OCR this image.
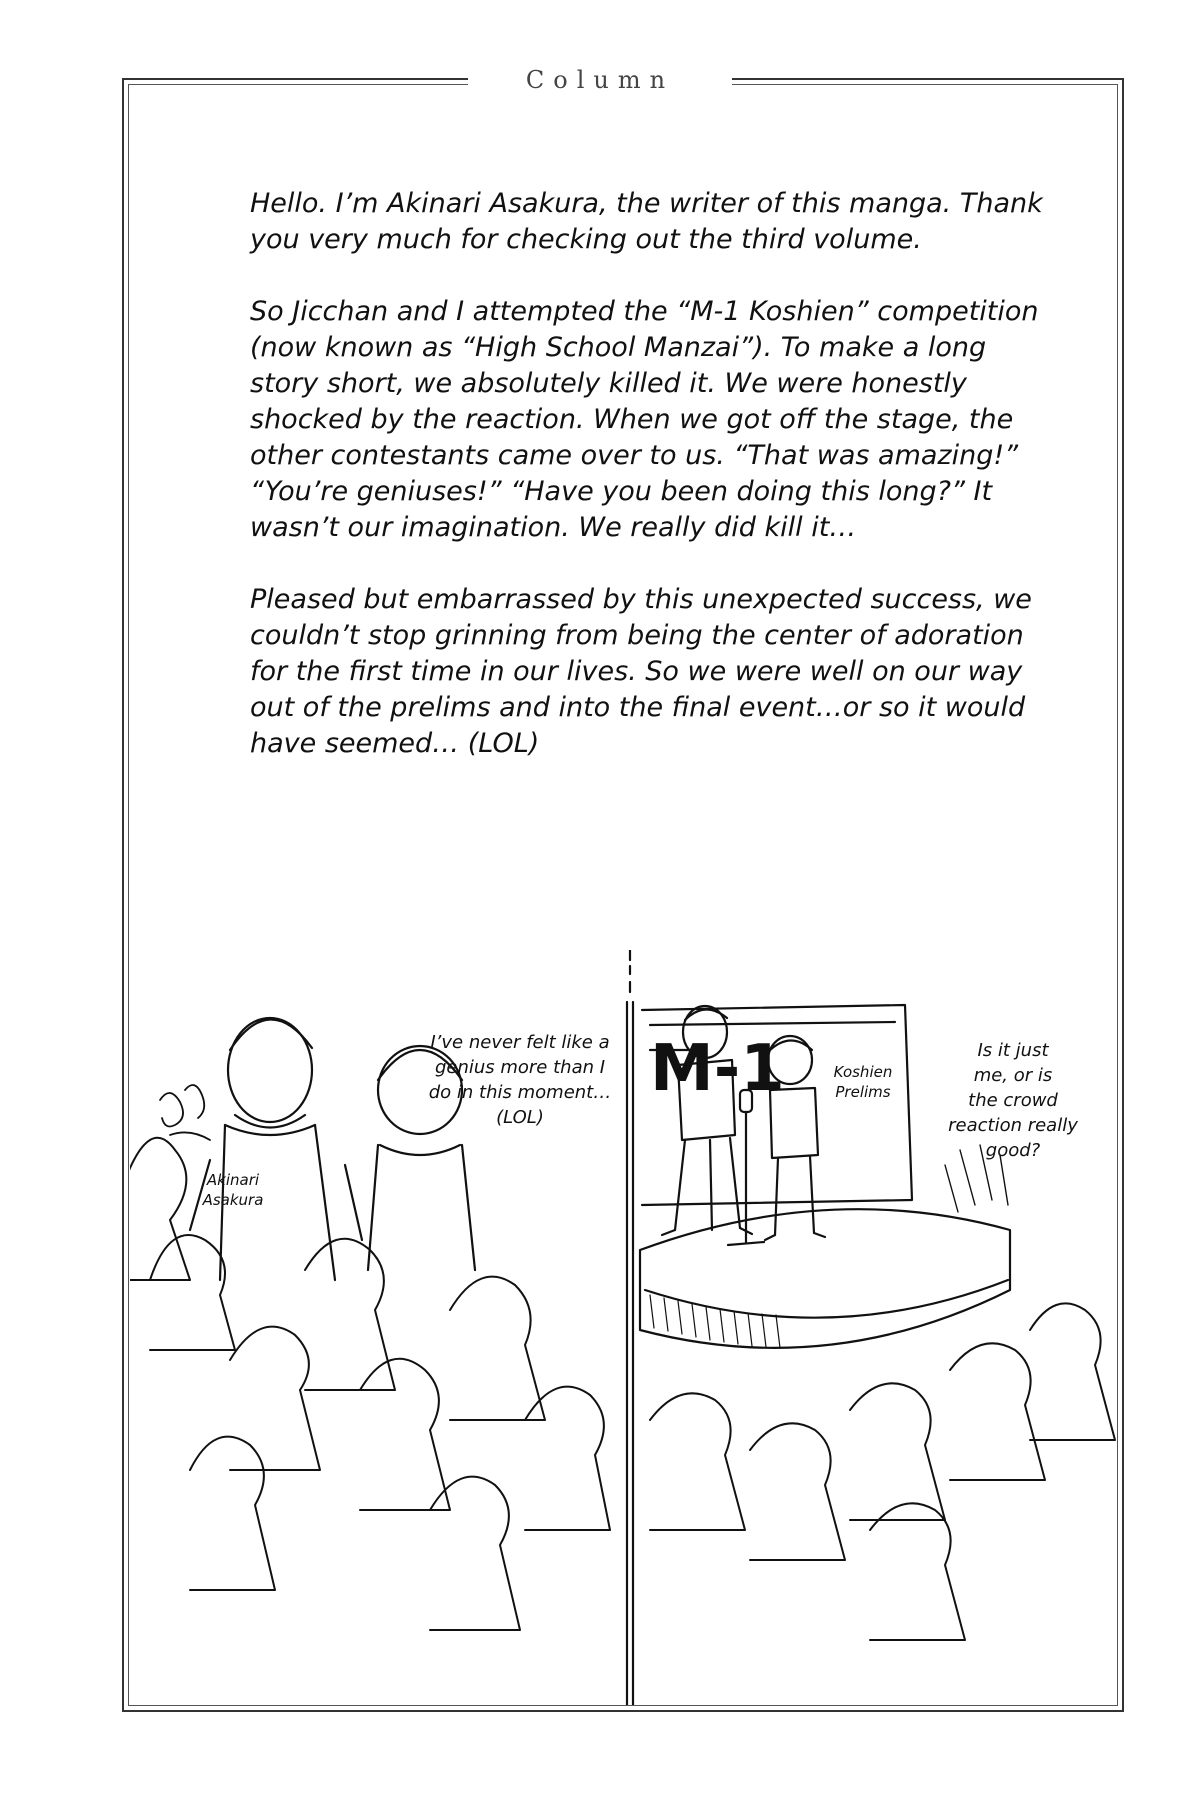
Column

Hello. I’m Akinari Asakura, the writer of this manga. Thank you very much for checking out the third volume.

So Jicchan and I attempted the “M-1 Koshien” competition (now known as “High School Manzai”). To make a long story short, we absolutely killed it. We were honestly shocked by the reaction. When we got off the stage, the other contestants came over to us. “That was amazing!” “You’re geniuses!” “Have you been doing this long?” It wasn’t our imagination. We really did kill it…

Pleased but embarrassed by this unexpected success, we couldn’t stop grinning from being the center of adoration for the first time in our lives. So we were well on our way out of the prelims and into the final event…or so it would have seemed… (LOL)

M-1
I’ve never felt like a
genius more than I
do in this moment…
(LOL)
Koshien
Prelims
Is it just
me, or is
the crowd
reaction really
good?
Akinari
Asakura
